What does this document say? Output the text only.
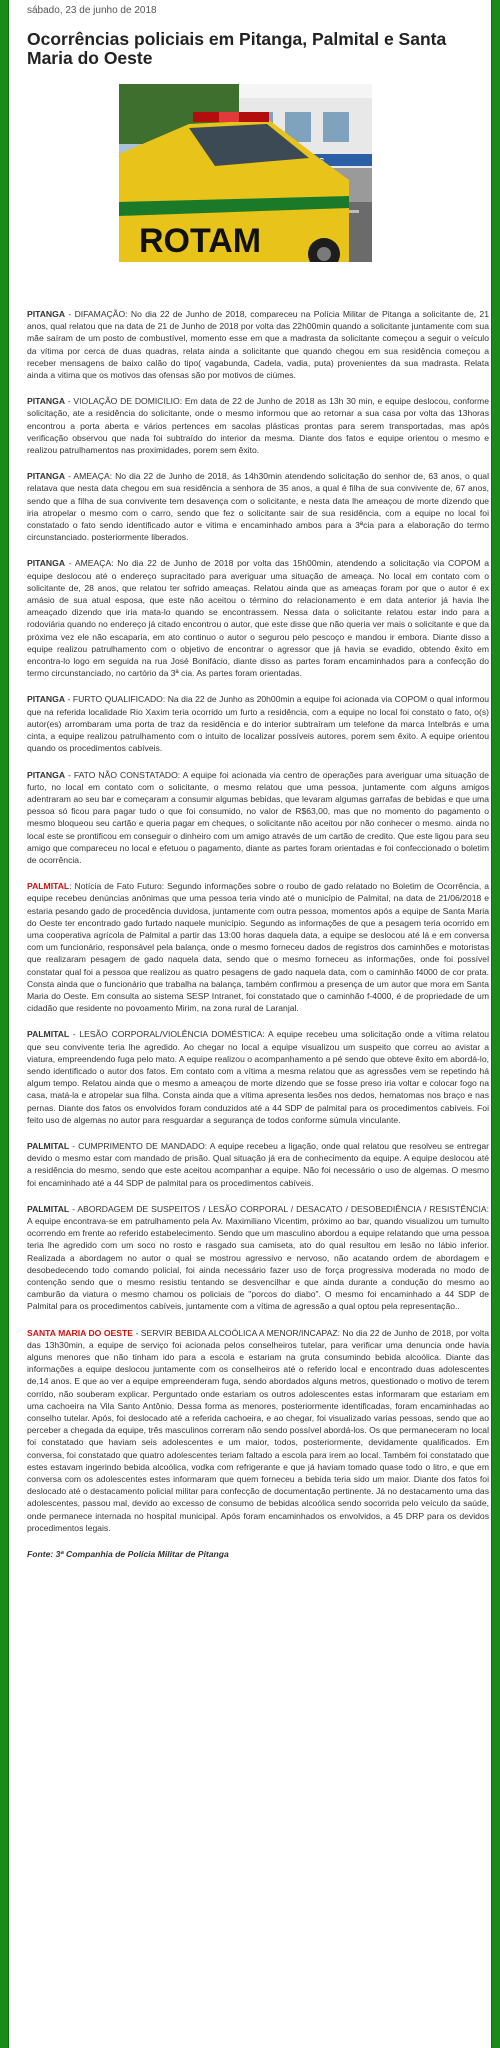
sábado, 23 de junho de 2018
Ocorrências policiais em Pitanga, Palmital e Santa Maria do Oeste
ROTAM

PITANGA - DIFAMAÇÃO: No dia 22 de Junho de 2018, compareceu na Polícia Militar de Pitanga a solicitante de, 21 anos, qual relatou que na data de 21 de Junho de 2018 por volta das 22h00min quando a solicitante juntamente com sua mãe saíram de um posto de combustível, momento esse em que a madrasta da solicitante começou a seguir o veículo da vítima por cerca de duas quadras, relata ainda a solicitante que quando chegou em sua residência começou a receber mensagens de baixo calão do tipo( vagabunda, Cadela, vadia, puta) provenientes da sua madrasta. Relata ainda a vitima que os motivos das ofensas são por motivos de ciúmes.

PITANGA - VIOLAÇÃO DE DOMICILIO: Em data de 22 de Junho de 2018 as 13h 30 min, e equipe deslocou, conforme solicitação, ate a residência do solicitante, onde o mesmo informou que ao retornar a sua casa por volta das 13horas encontrou a porta aberta e vários pertences em sacolas plásticas prontas para serem transportadas, mas após verificação observou que nada foi subtraído do interior da mesma. Diante dos fatos e equipe orientou o mesmo e realizou patrulhamentos nas proximidades, porem sem êxito.

PITANGA - AMEAÇA: No dia 22 de Junho de 2018, ás 14h30min atendendo solicitação do senhor de, 63 anos, o qual relatava que nesta data chegou em sua residência a senhora de 35 anos, a qual é filha de sua convivente de, 67 anos, sendo que a filha de sua convivente tem desavença com o solicitante, e nesta data lhe ameaçou de morte dizendo que iria atropelar o mesmo com o carro, sendo que fez o solicitante sair de sua residência, com a equipe no local foi constatado o fato sendo identificado autor e vitima e encaminhado ambos para a 3ªcia para a elaboração do termo circunstanciado. posteriormente liberados.

PITANGA - AMEAÇA: No dia 22 de Junho de 2018 por volta das 15h00min, atendendo a solicitação via COPOM a equipe deslocou até o endereço supracitado para averiguar uma situação de ameaça. No local em contato com o solicitante de, 28 anos, que relatou ter sofrido ameaças. Relatou ainda que as ameaças foram por que o autor é ex amásio de sua atual esposa, que este não aceitou o término do relacionamento e em data anterior já havia lhe ameaçado dizendo que iria mata-lo quando se encontrassem. Nessa data o solicitante relatou estar indo para a rodoviária quando no endereço já citado encontrou o autor, que este disse que não queria ver mais o solicitante e que da próxima vez ele não escaparia, em ato continuo o autor o segurou pelo pescoço e mandou ir embora. Diante disso a equipe realizou patrulhamento com o objetivo de encontrar o agressor que já havia se evadido, obtendo êxito em encontra-lo logo em seguida na rua José Bonifácio, diante disso as partes foram encaminhados para a confecção do termo circunstanciado, no cartório da 3ª cia. As partes foram orientadas.

PITANGA - FURTO QUALIFICADO: Na dia 22 de Junho as 20h00min a equipe foi acionada via COPOM o qual informou que na referida localidade Rio Xaxim teria ocorrido um furto a residência, com a equipe no local foi constato o fato, o(s) autor(es) arrombaram uma porta de traz da residência e do interior subtraíram um telefone da marca Intelbrás e uma cinta, a equipe realizou patrulhamento com o intuito de localizar possíveis autores, porem sem êxito. A equipe orientou quando os procedimentos cabíveis.

PITANGA - FATO NÃO CONSTATADO: A equipe foi acionada via centro de operações para averiguar uma situação de furto, no local em contato com o solicitante, o mesmo relatou que uma pessoa, juntamente com alguns amigos adentraram ao seu bar e começaram a consumir algumas bebidas, que levaram algumas garrafas de bebidas e que uma pessoa só ficou para pagar tudo o que foi consumido, no valor de R$63,00, mas que no momento do pagamento o mesmo bloqueou seu cartão e queria pagar em cheques, o solicitante não aceitou por não conhecer o mesmo. ainda no local este se prontificou em conseguir o dinheiro com um amigo através de um cartão de credito. Que este ligou para seu amigo que compareceu no local e efetuou o pagamento, diante as partes foram orientadas e foi confeccionado o boletim de ocorrência.

PALMITAL: Notícia de Fato Futuro: Segundo informações sobre o roubo de gado relatado no Boletim de Ocorrência, a equipe recebeu denúncias anônimas que uma pessoa teria vindo até o município de Palmital, na data de 21/06/2018 e estaria pesando gado de procedência duvidosa, juntamente com outra pessoa, momentos após a equipe de Santa Maria do Oeste ter encontrado gado furtado naquele município. Segundo as informações de que a pesagem teria ocorrido em uma cooperativa agrícola de Palmital a partir das 13:00 horas daquela data, a equipe se deslocou até lá e em conversa com um funcionário, responsável pela balança, onde o mesmo forneceu dados de registros dos caminhões e motoristas que realizaram pesagem de gado naquela data, sendo que o mesmo forneceu as informações, onde foi possível constatar qual foi a pessoa que realizou as quatro pesagens de gado naquela data, com o caminhão f4000 de cor prata. Consta ainda que o funcionário que trabalha na balança, também confirmou a presença de um autor que mora em Santa Maria do Oeste. Em consulta ao sistema SESP Intranet, foi constatado que o caminhão f-4000, é de propriedade de um cidadão que residente no povoamento Mirim, na zona rural de Laranjal.

PALMITAL - LESÃO CORPORAL/VIOLÊNCIA DOMÉSTICA: A equipe recebeu uma solicitação onde a vítima relatou que seu convivente teria lhe agredido. Ao chegar no local a equipe visualizou um suspeito que correu ao avistar a viatura, empreendendo fuga pelo mato. A equipe realizou o acompanhamento a pé sendo que obteve êxito em abordá-lo, sendo identificado o autor dos fatos. Em contato com a vítima a mesma relatou que as agressões vem se repetindo há algum tempo. Relatou ainda que o mesmo a ameaçou de morte dizendo que se fosse preso iria voltar e colocar fogo na casa, matá-la e atropelar sua filha. Consta ainda que a vítima apresenta lesões nos dedos, hematomas nos braço e nas pernas. Diante dos fatos os envolvidos foram conduzidos até a 44 SDP de palmital para os procedimentos cabíveis. Foi feito uso de algemas no autor para resguardar a segurança de todos conforme súmula vinculante.

PALMITAL - CUMPRIMENTO DE MANDADO: A equipe recebeu a ligação, onde qual relatou que resolveu se entregar devido o mesmo estar com mandado de prisão. Qual situação já era de conhecimento da equipe. A equipe deslocou até a residência do mesmo, sendo que este aceitou acompanhar a equipe. Não foi necessário o uso de algemas. O mesmo foi encaminhado até a 44 SDP de palmital para os procedimentos cabíveis.

PALMITAL - ABORDAGEM DE SUSPEITOS / LESÃO CORPORAL / DESACATO / DESOBEDIÊNCIA / RESISTÊNCIA: A equipe encontrava-se em patrulhamento pela Av. Maximiliano Vicentim, próximo ao bar, quando visualizou um tumulto ocorrendo em frente ao referido estabelecimento. Sendo que um masculino abordou a equipe relatando que uma pessoa teria lhe agredido com um soco no rosto e rasgado sua camiseta, ato do qual resultou em lesão no lábio inferior. Realizada a abordagem no autor o qual se mostrou agressivo e nervoso, não acatando ordem de abordagem e desobedecendo todo comando policial, foi ainda necessário fazer uso de força progressiva moderada no modo de contenção sendo que o mesmo resistiu tentando se desvencilhar e que ainda durante a condução do mesmo ao camburão da viatura o mesmo chamou os policiais de "porcos do diabo". O mesmo foi encaminhado a 44 SDP de Palmital para os procedimentos cabíveis, juntamente com a vítima de agressão a qual optou pela representação..

SANTA MARIA DO OESTE - SERVIR BEBIDA ALCOÓLICA A MENOR/INCAPAZ: No dia 22 de Junho de 2018, por volta das 13h30min, a equipe de serviço foi acionada pelos conselheiros tutelar, para verificar uma denuncia onde havia alguns menores que não tinham ido para a escola e estariam na gruta consumindo bebida alcoólica. Diante das informações a equipe deslocou juntamente com os conselheiros até o referido local e encontrado duas adolescentes de,14 anos. E que ao ver a equipe empreenderam fuga, sendo abordados alguns metros, questionado o motivo de terem corrido, não souberam explicar. Perguntado onde estariam os outros adolescentes estas informaram que estariam em uma cachoeira na Vila Santo Antônio. Dessa forma as menores, posteriormente identificadas, foram encaminhadas ao conselho tutelar. Após, foi deslocado até a referida cachoeira, e ao chegar, foi visualizado varias pessoas, sendo que ao perceber a chegada da equipe, três masculinos correram não sendo possível abordá-los. Os que permaneceram no local foi constatado que haviam seis adolescentes e um maior, todos, posteriormente, devidamente qualificados. Em conversa, foi constatado que quatro adolescentes teriam faltado a escola para irem ao local. Também foi constatado que estes estavam ingerindo bebida alcoólica, vodka com refrigerante e que já haviam tomado quase todo o litro, e que em conversa com os adolescentes estes informaram que quem forneceu a bebida teria sido um maior. Diante dos fatos foi deslocado até o destacamento policial militar para confecção de documentação pertinente. Já no destacamento uma das adolescentes, passou mal, devido ao excesso de consumo de bebidas alcoólica sendo socorrida pelo veículo da saúde, onde permanece internada no hospital municipal. Após foram encaminhados os envolvidos, a 45 DRP para os devidos procedimentos legais.

Fonte: 3ª Companhia de Polícia Militar de Pitanga
